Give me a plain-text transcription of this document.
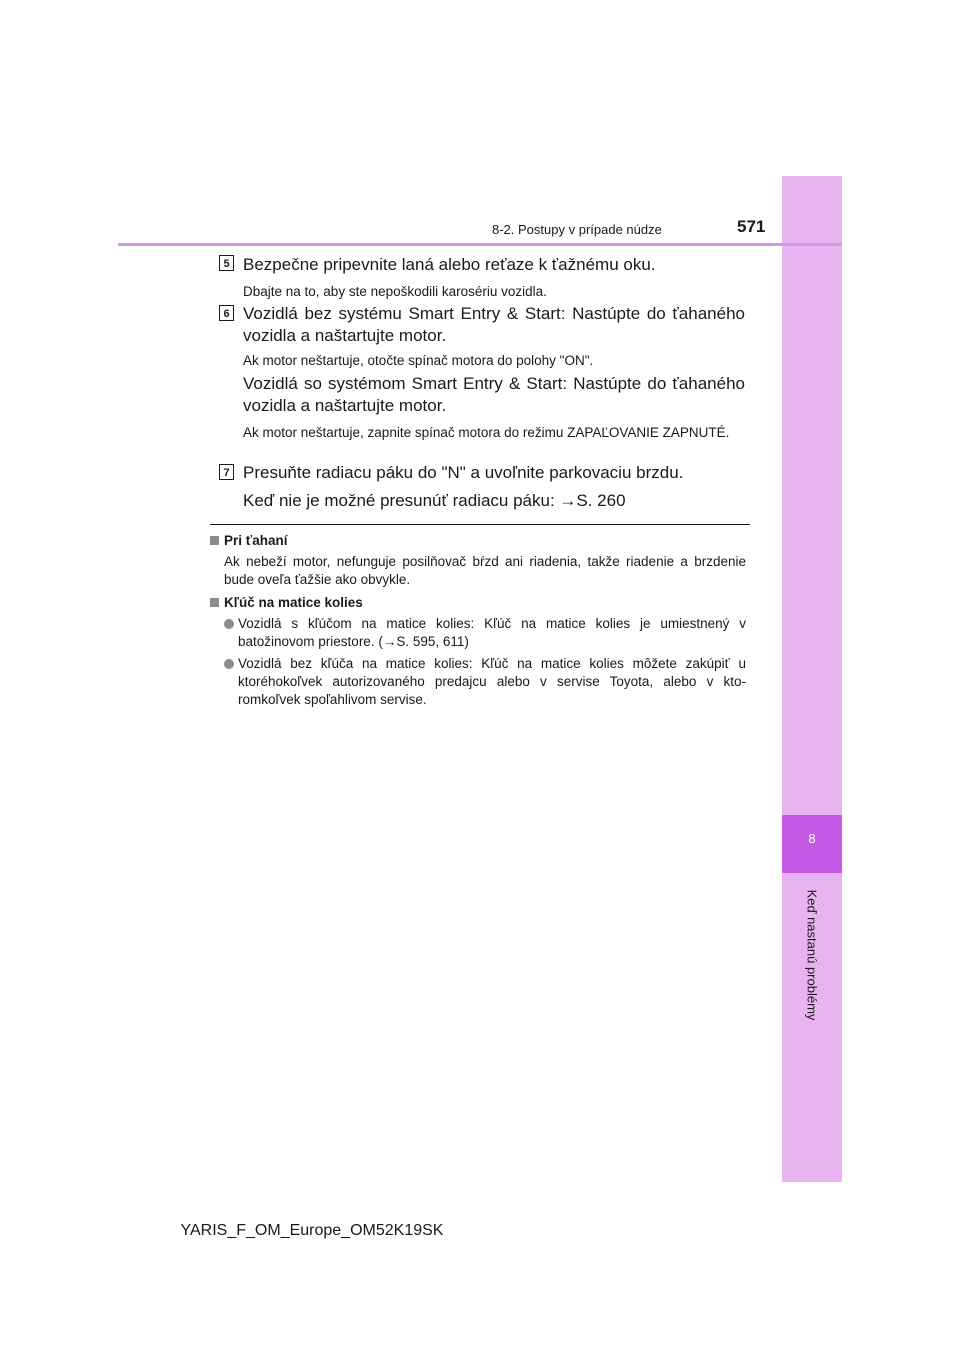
8
Keď nastanú problémy
8-2. Postupy v prípade núdze	571
5 Bezpečne pripevnite laná alebo reťaze k ťažnému oku.
Dbajte na to, aby ste nepoškodili karosériu vozidla.
6 Vozidlá bez systému Smart Entry & Start: Nastúpte do ťahaného vozidla a naštartujte motor.
Ak motor neštartuje, otočte spínač motora do polohy "ON".
Vozidlá so systémom Smart Entry & Start: Nastúpte do ťahaného vozidla a naštartujte motor.
Ak motor neštartuje, zapnite spínač motora do režimu ZAPAĽOVANIE ZAPNUTÉ.
7 Presuňte radiacu páku do "N" a uvoľnite parkovaciu brzdu.
Keď nie je možné presunúť radiacu páku: →S. 260
Pri ťahaní
Ak nebeží motor, nefunguje posilňovač bŕzd ani riadenia, takže riadenie a brzdenie bude oveľa ťažšie ako obvykle.
Kľúč na matice kolies
Vozidlá s kľúčom na matice kolies: Kľúč na matice kolies je umiestnený v batožinovom priestore. (→S. 595, 611)
Vozidlá bez kľúča na matice kolies: Kľúč na matice kolies môžete zakúpiť u ktoréhokoľvek autorizovaného predajcu alebo v servise Toyota, alebo v kto-romkoľvek spoľahlivom servise.
YARIS_F_OM_Europe_OM52K19SK
